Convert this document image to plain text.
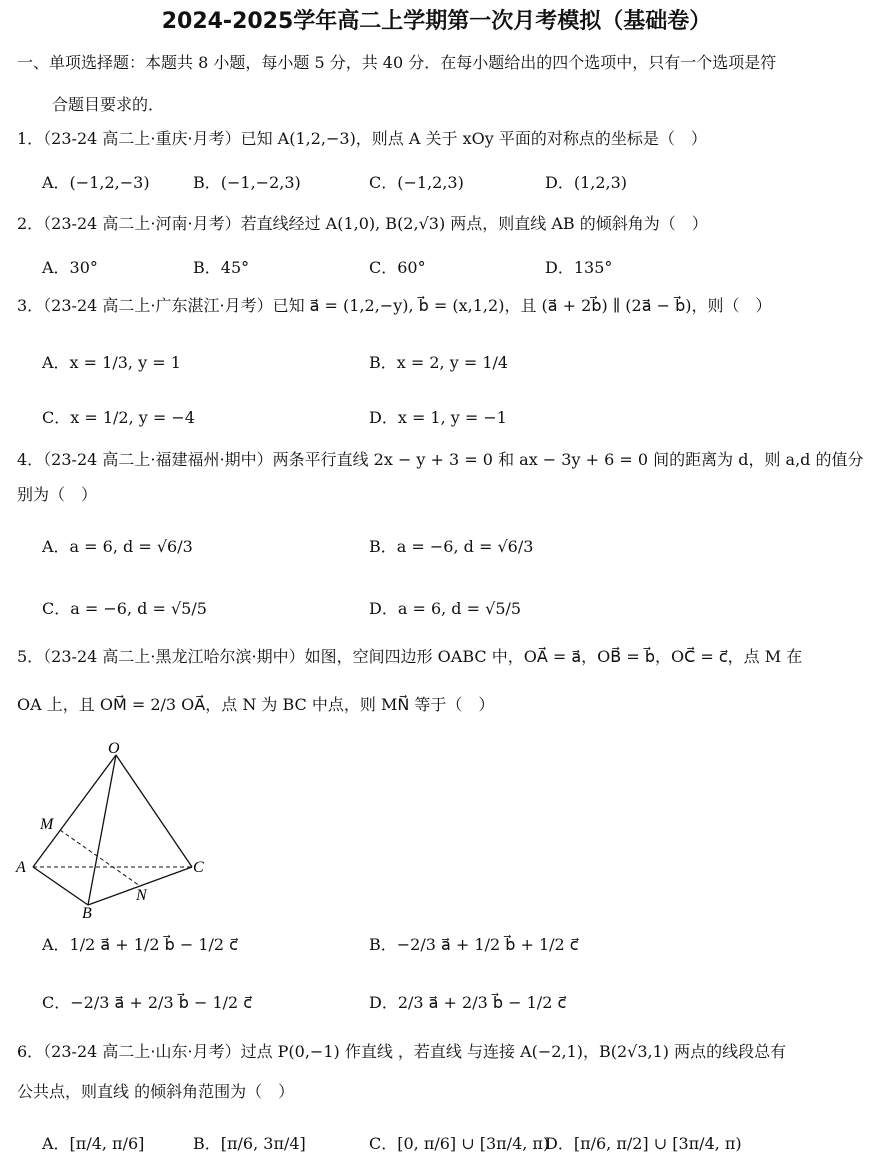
2024-2025学年高二上学期第一次月考模拟（基础卷）
一、单项选择题：本题共 8 小题，每小题 5 分，共 40 分．在每小题给出的四个选项中，只有一个选项是符
合题目要求的．
1．（23-24 高二上·重庆·月考）已知 A(1,2,−3)，则点 A 关于 xOy 平面的对称点的坐标是（　）
A．(−1,2,−3)	B．(−1,−2,3)	C．(−1,2,3)	D．(1,2,3)
2．（23-24 高二上·河南·月考）若直线经过 A(1,0), B(2,√3) 两点，则直线 AB 的倾斜角为（　）
A．30°	B．45°	C．60°	D．135°
3．（23-24 高二上·广东湛江·月考）已知 a⃗ = (1,2,−y), b⃗ = (x,1,2)，且 (a⃗ + 2b⃗) ∥ (2a⃗ − b⃗)，则（　）
A．x = 1/3, y = 1	B．x = 2, y = 1/4
C．x = 1/2, y = −4	D．x = 1, y = −1
4．（23-24 高二上·福建福州·期中）两条平行直线 2x − y + 3 = 0 和 ax − 3y + 6 = 0 间的距离为 d，则 a,d 的值分
别为（　）
A．a = 6, d = √6/3	B．a = −6, d = √6/3
C．a = −6, d = √5/5	D．a = 6, d = √5/5
5．（23-24 高二上·黑龙江哈尔滨·期中）如图，空间四边形 OABC 中，OA⃗ = a⃗，OB⃗ = b⃗，OC⃗ = c⃗，点 M 在
OA 上，且 OM⃗ = 2/3 OA⃗，点 N 为 BC 中点，则 MN⃗ 等于（　）
O
M
A
B
N
C
A．1/2 a⃗ + 1/2 b⃗ − 1/2 c⃗	B．−2/3 a⃗ + 1/2 b⃗ + 1/2 c⃗
C．−2/3 a⃗ + 2/3 b⃗ − 1/2 c⃗	D．2/3 a⃗ + 2/3 b⃗ − 1/2 c⃗
6．（23-24 高二上·山东·月考）过点 P(0,−1) 作直线 ，若直线 与连接 A(−2,1)，B(2√3,1) 两点的线段总有
公共点，则直线 的倾斜角范围为（　）
A．[π/4, π/6]	B．[π/6, 3π/4]	C．[0, π/6] ∪ [3π/4, π)
D．[π/6, π/2] ∪ [3π/4, π)
